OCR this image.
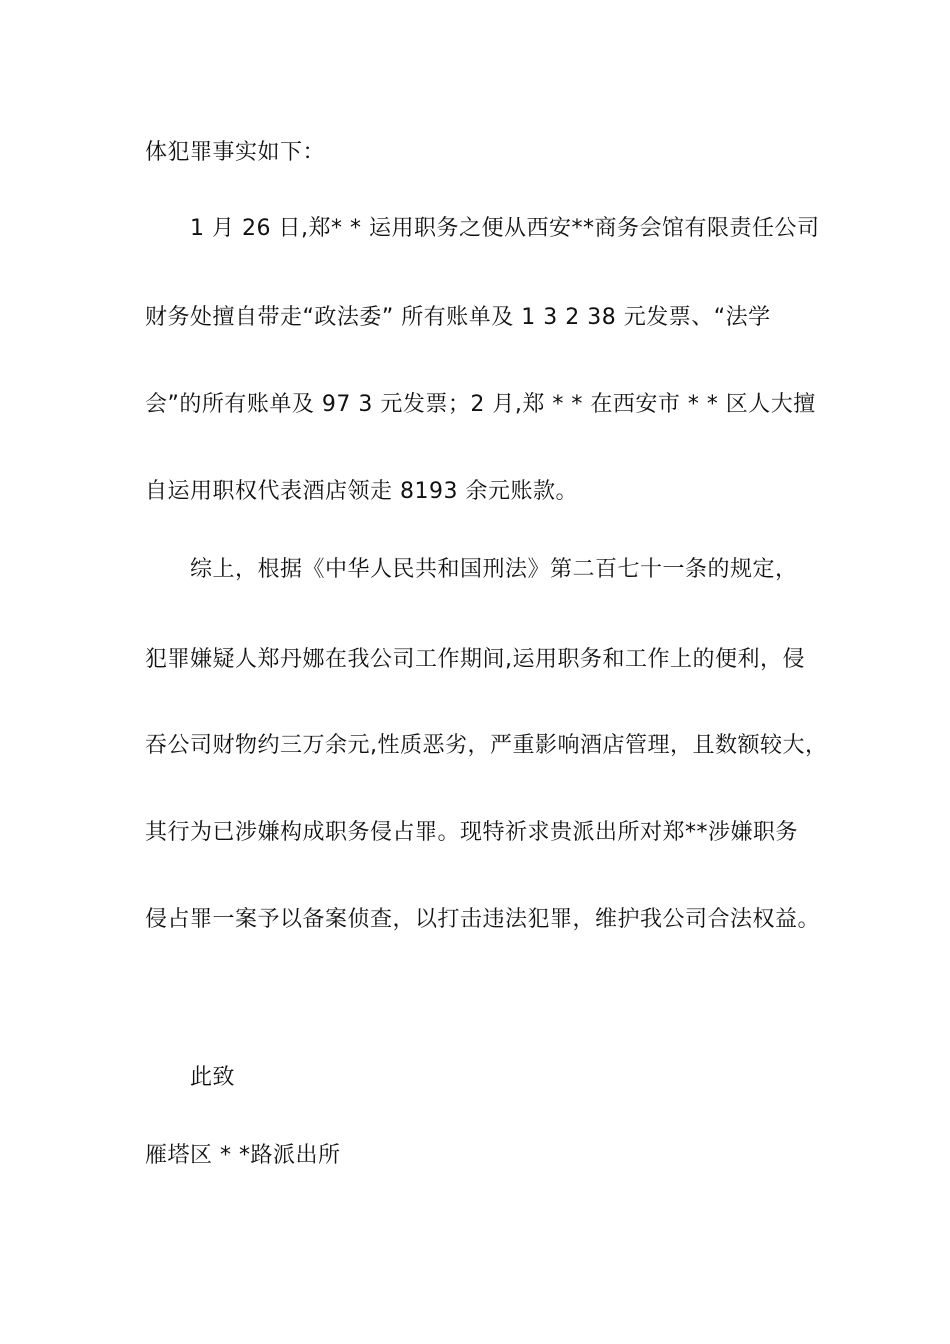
体犯罪事实如下：
1 月 26 日,郑* * 运用职务之便从西安**商务会馆有限责任公司
财务处擅自带走“政法委” 所有账单及 1 3 2 38 元发票、“法学
会”的所有账单及 97 3 元发票；2 月,郑 * * 在西安市 * * 区人大擅
自运用职权代表酒店领走 8193 余元账款。
综上，根据《中华人民共和国刑法》第二百七十一条的规定，
犯罪嫌疑人郑丹娜在我公司工作期间,运用职务和工作上的便利，侵
吞公司财物约三万余元,性质恶劣，严重影响酒店管理，且数额较大，
其行为已涉嫌构成职务侵占罪。现特祈求贵派出所对郑**涉嫌职务
侵占罪一案予以备案侦查，以打击违法犯罪，维护我公司合法权益。
此致
雁塔区 * *路派出所
